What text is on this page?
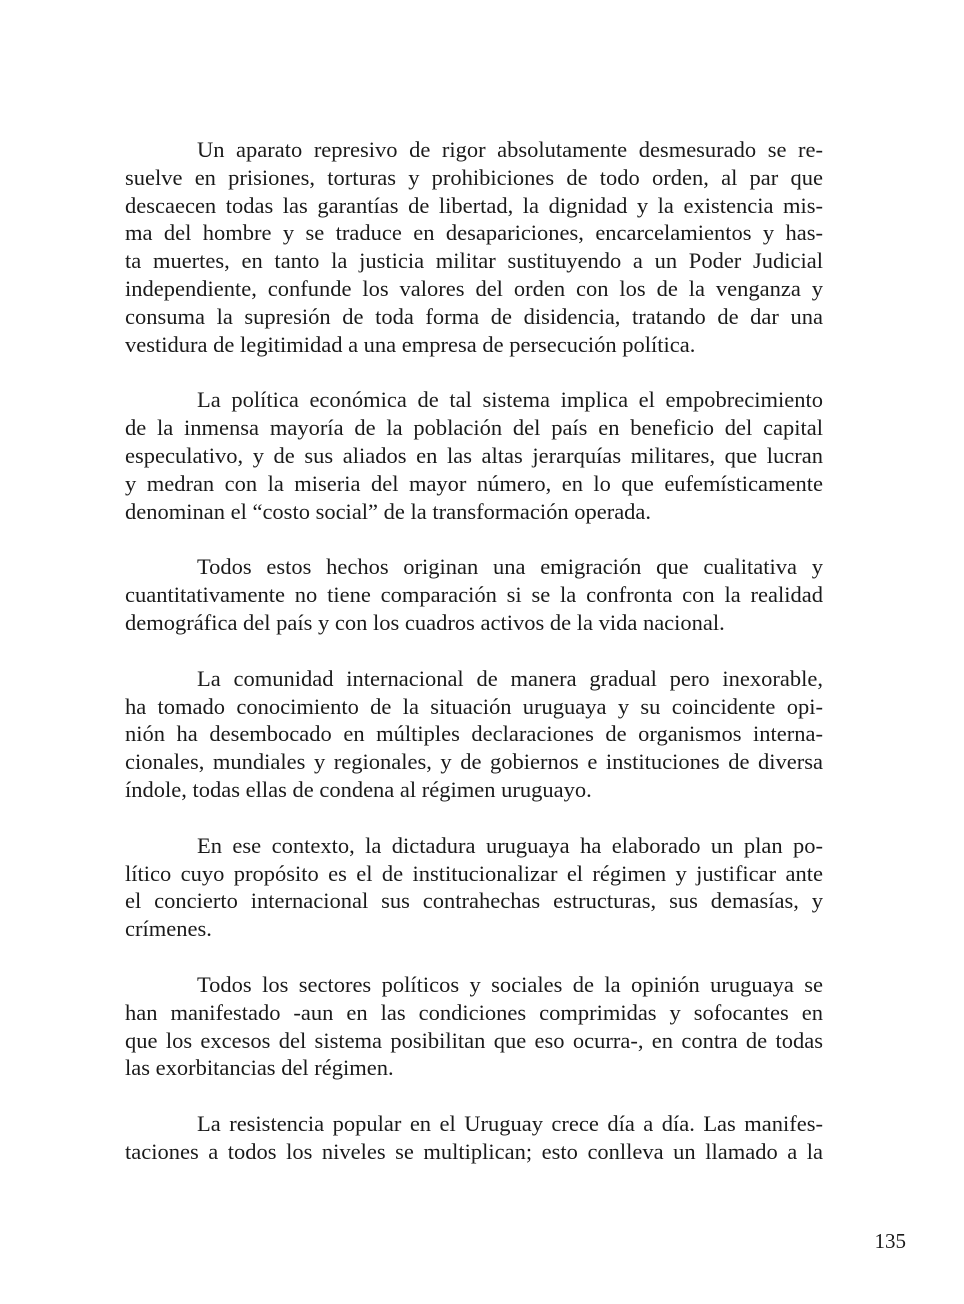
Un aparato represivo de rigor absolutamente desmesurado se re-
suelve en prisiones, torturas y prohibiciones de todo orden, al par que
descaecen todas las garantías de libertad, la dignidad y la existencia mis-
ma del hombre y se traduce en desapariciones, encarcelamientos y has-
ta muertes, en tanto la justicia militar sustituyendo a un Poder Judicial
independiente, confunde los valores del orden con los de la venganza y
consuma la supresión de toda forma de disidencia, tratando de dar una
vestidura de legitimidad a una empresa de persecución política.

La política económica de tal sistema implica el empobrecimiento
de la inmensa mayoría de la población del país en beneficio del capital
especulativo, y de sus aliados en las altas jerarquías militares, que lucran
y medran con la miseria del mayor número, en lo que eufemísticamente
denominan el “costo social” de la transformación operada.

Todos estos hechos originan una emigración que cualitativa y
cuantitativamente no tiene comparación si se la confronta con la realidad
demográfica del país y con los cuadros activos de la vida nacional.

La comunidad internacional de manera gradual pero inexorable,
ha tomado conocimiento de la situación uruguaya y su coincidente opi-
nión ha desembocado en múltiples declaraciones de organismos interna-
cionales, mundiales y regionales, y de gobiernos e instituciones de diversa
índole, todas ellas de condena al régimen uruguayo.

En ese contexto, la dictadura uruguaya ha elaborado un plan po-
lítico cuyo propósito es el de institucionalizar el régimen y justificar ante
el concierto internacional sus contrahechas estructuras, sus demasías, y
crímenes.

Todos los sectores políticos y sociales de la opinión uruguaya se
han manifestado -aun en las condiciones comprimidas y sofocantes en
que los excesos del sistema posibilitan que eso ocurra-, en contra de todas
las exorbitancias del régimen.

La resistencia popular en el Uruguay crece día a día. Las manifes-
taciones a todos los niveles se multiplican; esto conlleva un llamado a la

135
